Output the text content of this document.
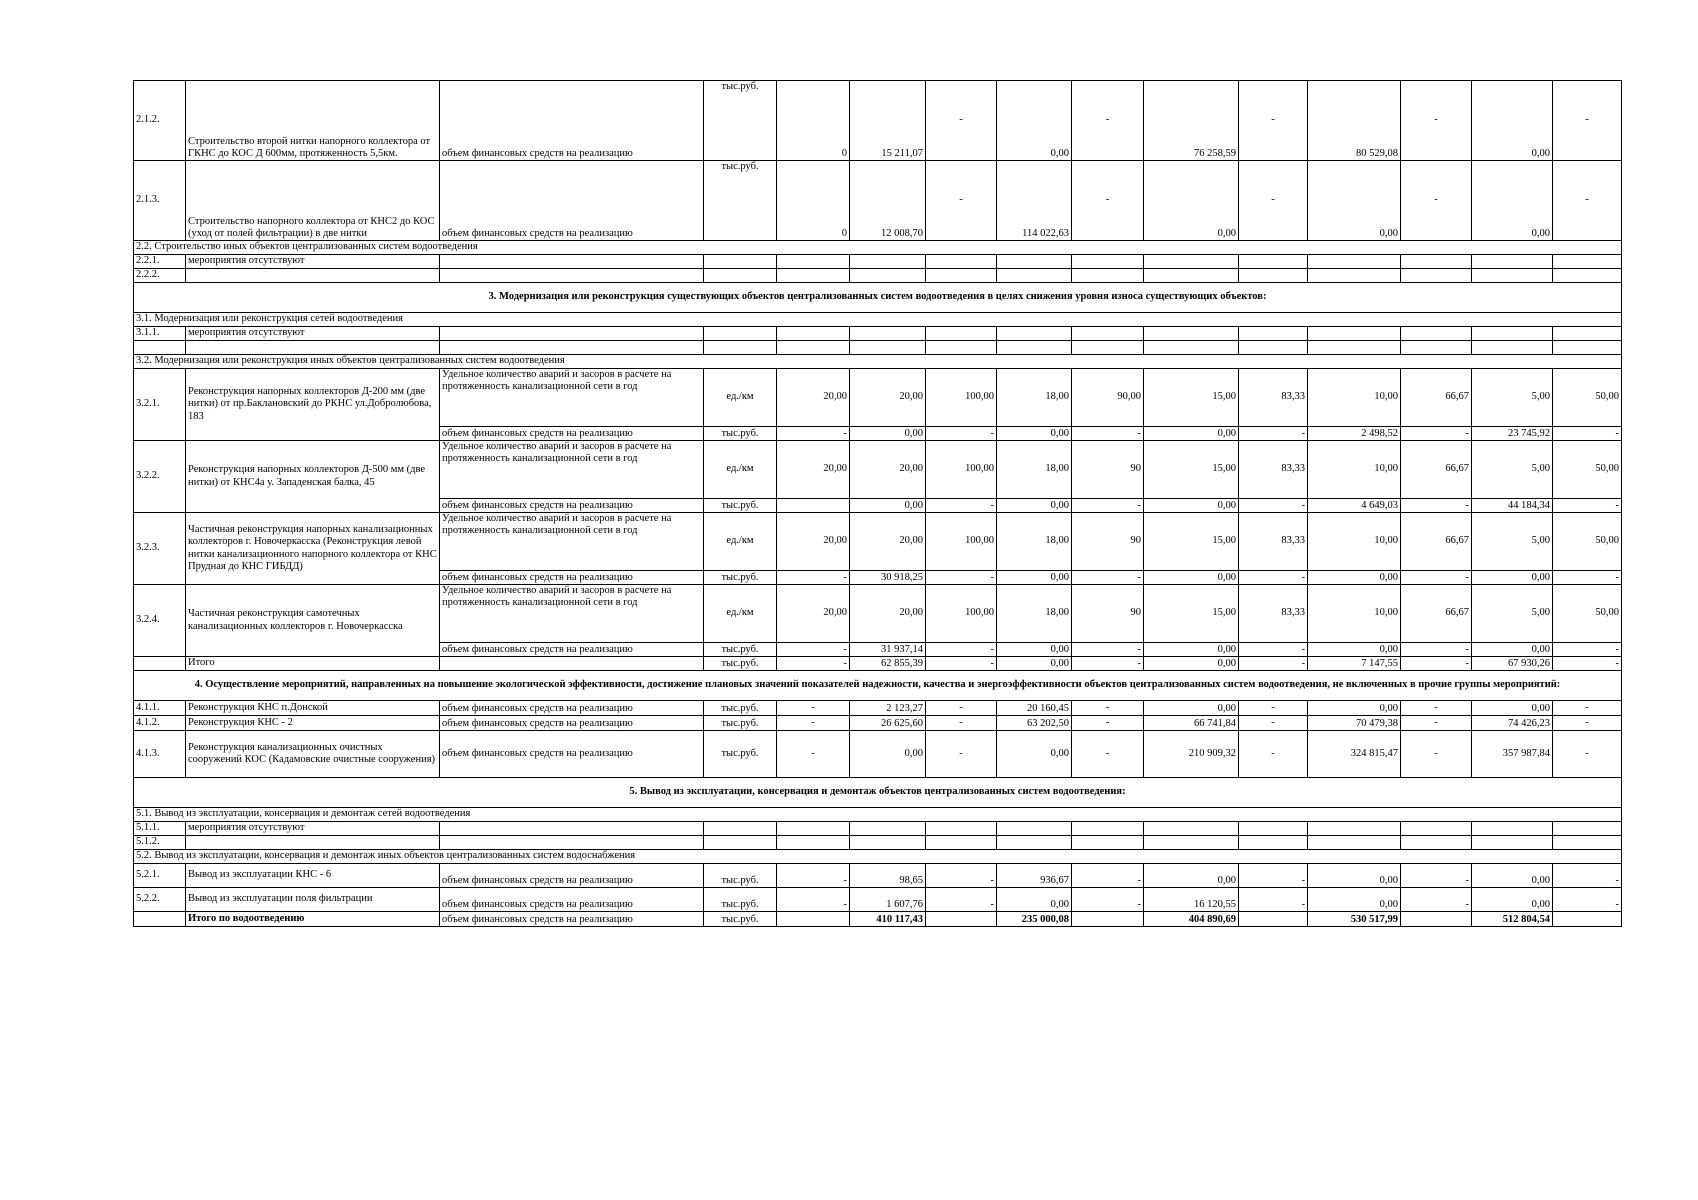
2.1.2.	Строительство второй нитки напорного коллектора от ГКНС до КОС Д 600мм, протяженность 5,5км.	объем финансовых средств на реализацию	тыс.руб.	0	15 211,07	-	0,00	-	76 258,59	-	80 529,08	-	0,00	-
2.1.3.	Строительство напорного коллектора от КНС2 до КОС (уход от полей фильтрации) в две нитки	объем финансовых средств на реализацию	тыс.руб.	0	12 008,70	-	114 022,63	-	0,00	-	0,00	-	0,00	-
2.2. Строительство иных объектов централизованных систем водоотведения														
2.2.1.	мероприятия отсутствуют													
2.2.2.														
3. Модернизация или реконструкция существующих объектов централизованных систем водоотведения в целях снижения уровня износа существующих объектов:														
3.1. Модернизация или реконструкция сетей водоотведения														
3.1.1.	мероприятия отсутствуют													

3.2. Модернизация или реконструкция иных объектов централизованных систем водоотведения														
3.2.1.	Реконструкция напорных коллекторов Д-200 мм (две нитки) от пр.Баклановский до РКНС ул.Добролюбова, 183	Удельное количество аварий и засоров в расчете на протяженность канализационной сети в год	ед./км	20,00	20,00	100,00	18,00	90,00	15,00	83,33	10,00	66,67	5,00	50,00
		объем финансовых средств на реализацию	тыс.руб.	-	0,00	-	0,00	-	0,00	-	2 498,52	-	23 745,92	-
3.2.2.	Реконструкция напорных коллекторов Д-500 мм (две нитки) от КНС4а у. Западенская балка, 45	Удельное количество аварий и засоров в расчете на протяженность канализационной сети в год	ед./км	20,00	20,00	100,00	18,00	90	15,00	83,33	10,00	66,67	5,00	50,00
		объем финансовых средств на реализацию	тыс.руб.		0,00	-	0,00	-	0,00	-	4 649,03	-	44 184,34	-
3.2.3.	Частичная реконструкция напорных канализационных коллекторов г. Новочеркасска (Реконструкция левой нитки канализационного напорного коллектора от КНС Прудная до КНС ГИБДД)	Удельное количество аварий и засоров в расчете на протяженность канализационной сети в год	ед./км	20,00	20,00	100,00	18,00	90	15,00	83,33	10,00	66,67	5,00	50,00
		объем финансовых средств на реализацию	тыс.руб.	-	30 918,25	-	0,00	-	0,00	-	0,00	-	0,00	-
3.2.4.	Частичная реконструкция самотечных канализационных коллекторов г. Новочеркасска	Удельное количество аварий и засоров в расчете на протяженность канализационной сети в год	ед./км	20,00	20,00	100,00	18,00	90	15,00	83,33	10,00	66,67	5,00	50,00
		объем финансовых средств на реализацию	тыс.руб.	-	31 937,14	-	0,00	-	0,00	-	0,00	-	0,00	-
	Итого		тыс.руб.	-	62 855,39	-	0,00	-	0,00	-	7 147,55	-	67 930,26	-
4. Осуществление мероприятий, направленных на повышение экологической эффективности, достижение плановых значений показателей надежности, качества и энергоэффективности объектов централизованных систем водоотведения, не включенных в прочие группы мероприятий:														
4.1.1.	Реконструкция КНС п.Донской	объем финансовых средств на реализацию	тыс.руб.	-	2 123,27	-	20 160,45	-	0,00	-	0,00	-	0,00	-
4.1.2.	Реконструкция КНС - 2	объем финансовых средств на реализацию	тыс.руб.	-	26 625,60	-	63 202,50	-	66 741,84	-	70 479,38	-	74 426,23	-
4.1.3.	Реконструкция канализационных очистных сооружений КОС (Кадамовские очистные сооружения)	объем финансовых средств на реализацию	тыс.руб.	-	0,00	-	0,00	-	210 909,32	-	324 815,47	-	357 987,84	-
5. Вывод из эксплуатации, консервация и демонтаж объектов централизованных систем водоотведения:														
5.1. Вывод из эксплуатации, консервация и демонтаж сетей водоотведения														
5.1.1.	мероприятия отсутствуют													
5.1.2.														
5.2. Вывод из эксплуатации, консервация и демонтаж иных объектов централизованных систем водоснабжения														
5.2.1.	Вывод из эксплуатации КНС - 6	объем финансовых средств на реализацию	тыс.руб.	-	98,65	-	936,67	-	0,00	-	0,00	-	0,00	-
5.2.2.	Вывод из эксплуатации поля фильтрации	объем финансовых средств на реализацию	тыс.руб.	-	1 607,76	-	0,00	-	16 120,55	-	0,00	-	0,00	-
	Итого по водоотведению	объем финансовых средств на реализацию	тыс.руб.		410 117,43		235 000,08		404 890,69		530 517,99		512 804,54	
